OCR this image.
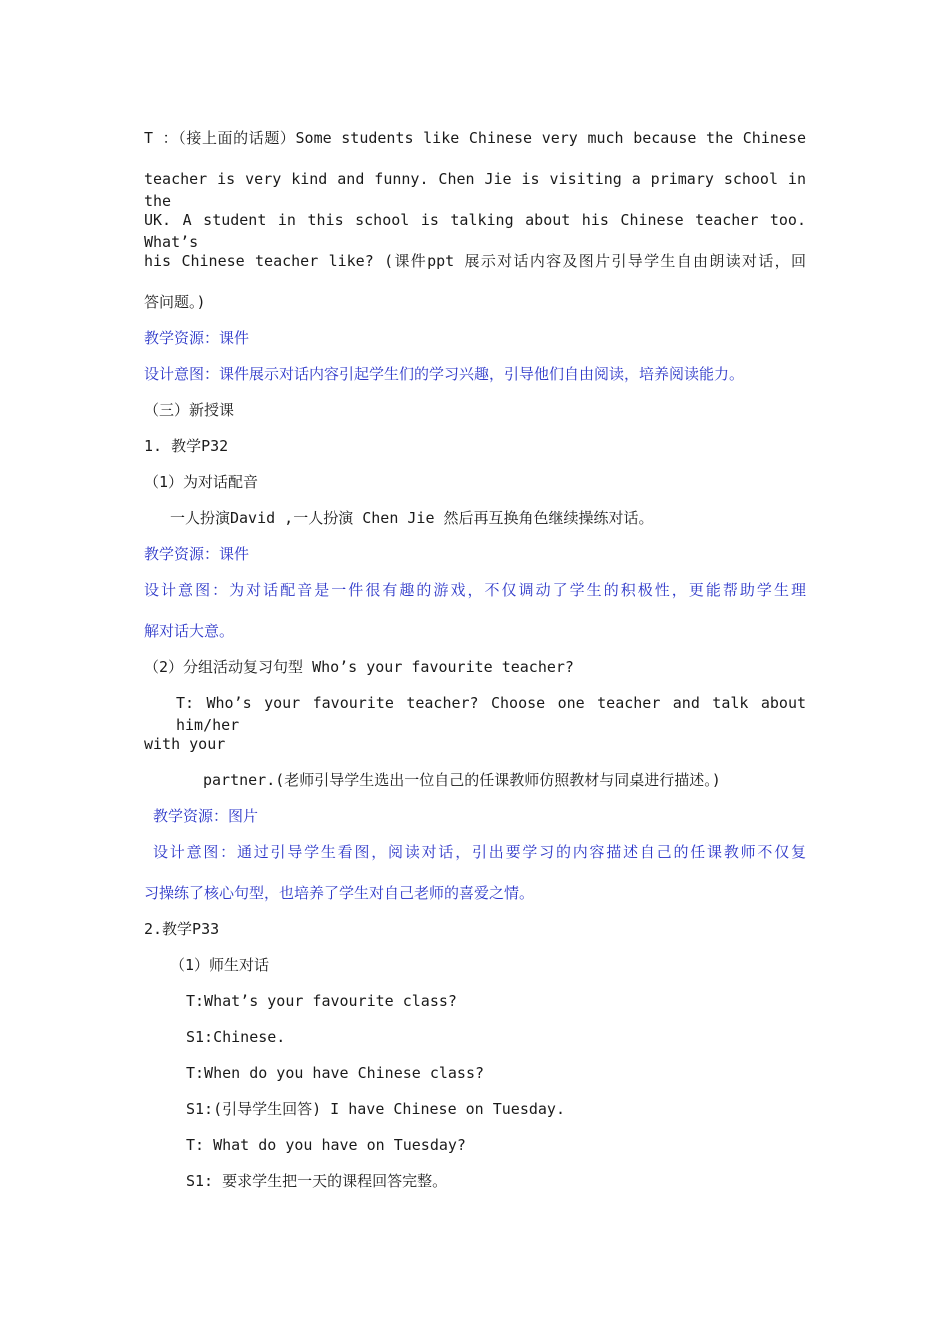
T ：（接上面的话题）Some students like Chinese very much because the Chinese
teacher is very kind and funny. Chen Jie is visiting a primary school in the
UK. A student in this school is talking about his Chinese teacher too. What’s
his Chinese teacher like? (课件ppt 展示对话内容及图片引导学生自由朗读对话，回
答问题。)
教学资源：课件
设计意图：课件展示对话内容引起学生们的学习兴趣，引导他们自由阅读，培养阅读能力。
（三）新授课
1. 教学P32
（1）为对话配音
一人扮演David ,一人扮演 Chen Jie 然后再互换角色继续操练对话。
教学资源：课件
设计意图：为对话配音是一件很有趣的游戏，不仅调动了学生的积极性，更能帮助学生理
解对话大意。
（2）分组活动复习句型 Who’s your favourite teacher?
T: Who’s your favourite teacher? Choose one teacher and talk about him/her
with your
partner.(老师引导学生选出一位自己的任课教师仿照教材与同桌进行描述。)
教学资源：图片
设计意图：通过引导学生看图，阅读对话，引出要学习的内容描述自己的任课教师不仅复
习操练了核心句型，也培养了学生对自己老师的喜爱之情。
2.教学P33
（1）师生对话
T:What’s your favourite class?
S1:Chinese.
T:When do you have Chinese class?
S1:(引导学生回答) I have Chinese on Tuesday.
T: What do you have on Tuesday?
S1: 要求学生把一天的课程回答完整。
